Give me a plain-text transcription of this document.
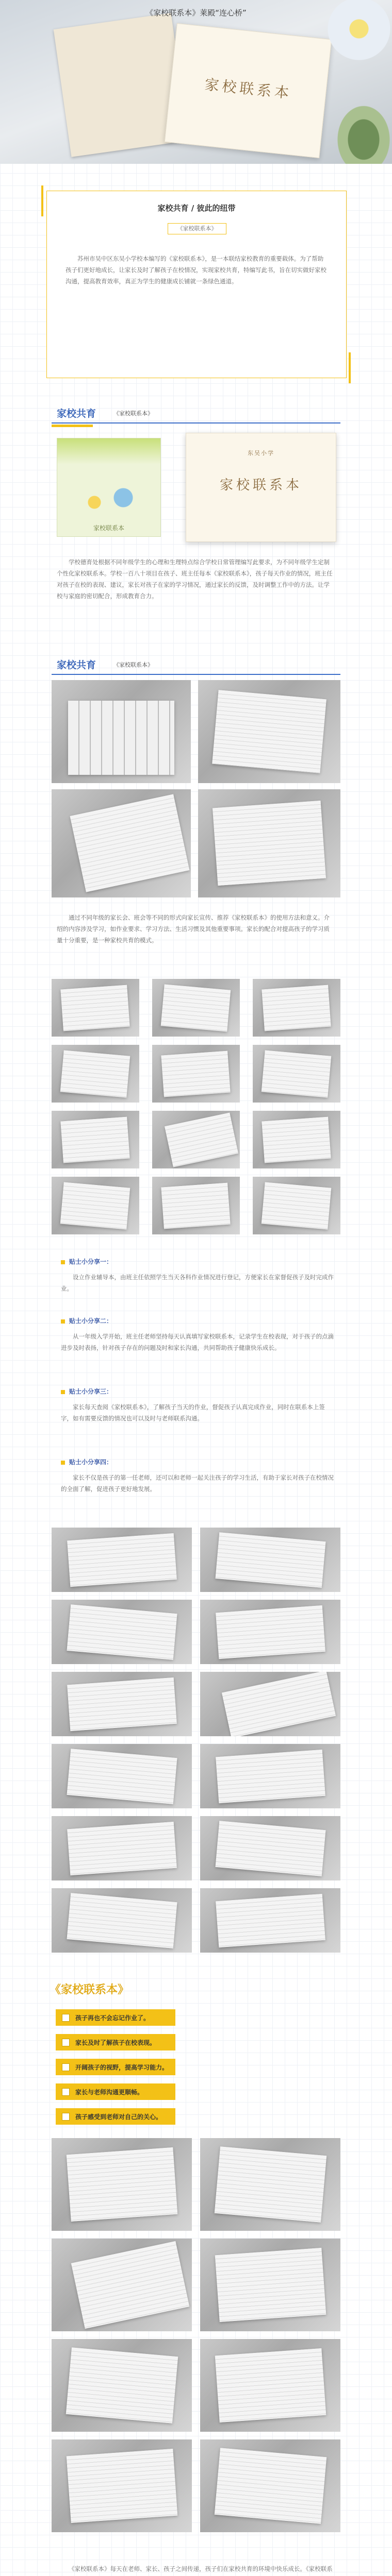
家校联系本
《家校联系本》莱殿“连心桥”
家校共育 / 彼此的纽带
《家校联系本》
苏州市吴中区东吴小学校本编写的《家校联系本》，是一本联结家校教育的重要载体。为了帮助孩子们更好地成长，让家长及时了解孩子在校情况，实现家校共育，特编写此书，旨在切实做好家校沟通，提高教育效率，真正为学生的健康成长铺就一条绿色通道。
家校共育	《家校联系本》
家校联系本
东吴小学
家校联系本
学校德育处根据不同年级学生的心理和生理特点综合学校日常管理编写此要求，为不同年级学生定制个性化家校联系本。学校一百八十项目在孩子、班主任每本《家校联系本》，孩子每天作业的情况，班主任对孩子在校的表现、建议，家长对孩子在家的学习情况，通过家长的反馈，及时调整工作中的方法。让学校与家庭的密切配合，形成教育合力。
家校共育	《家校联系本》
通过不同年级的家长会、班会等不同的形式向家长宣传、推荐《家校联系本》的使用方法和意义。介绍的内容涉及学习，如作业要求、学习方法、生活习惯及其他重要事项。家长的配合对提高孩子的学习质量十分重要，是一种家校共育的模式。
贴士小分享一：
设立作业辅导本，由班主任依照学生当天各科作业情况进行登记，方便家长在家督促孩子及时完成作业。
贴士小分享二：
从一年级入学开始，班主任老师坚持每天认真填写家校联系本，记录学生在校表现，对于孩子的点滴进步及时表扬，针对孩子存在的问题及时和家长沟通，共同帮助孩子健康快乐成长。
贴士小分享三：
家长每天查阅《家校联系本》，了解孩子当天的作业，督促孩子认真完成作业，同时在联系本上签字，如有需要反馈的情况也可以及时与老师联系沟通。
贴士小分享四：
家长不仅是孩子的第一任老师，还可以和老师一起关注孩子的学习生活，有助于家长对孩子在校情况的全面了解，促进孩子更好地发展。
《家校联系本》
孩子再也不会忘记作业了。
家长及时了解孩子在校表现。
开阔孩子的视野，提高学习能力。
家长与老师沟通更顺畅。
孩子感受到老师对自己的关心。
《家校联系本》每天在老师、家长、孩子之间传递，孩子们在家校共育的环境中快乐成长。《家校联系
